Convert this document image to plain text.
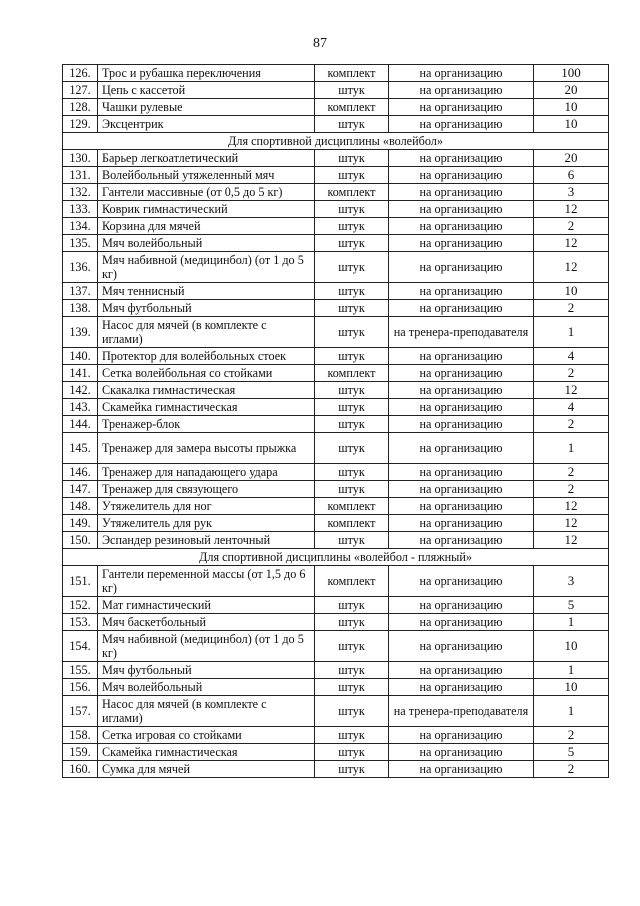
87
126.	Трос и рубашка переключения	комплект	на организацию	100
127.	Цепь с кассетой	штук	на организацию	20
128.	Чашки рулевые	комплект	на организацию	10
129.	Эксцентрик	штук	на организацию	10
Для спортивной дисциплины «волейбол»				
130.	Барьер легкоатлетический	штук	на организацию	20
131.	Волейбольный утяжеленный мяч	штук	на организацию	6
132.	Гантели массивные (от 0,5 до 5 кг)	комплект	на организацию	3
133.	Коврик гимнастический	штук	на организацию	12
134.	Корзина для мячей	штук	на организацию	2
135.	Мяч волейбольный	штук	на организацию	12
136.	Мяч набивной (медицинбол) (от 1 до 5 кг)	штук	на организацию	12
137.	Мяч теннисный	штук	на организацию	10
138.	Мяч футбольный	штук	на организацию	2
139.	Насос для мячей (в комплекте с иглами)	штук	на тренера-преподавателя	1
140.	Протектор для волейбольных стоек	штук	на организацию	4
141.	Сетка волейбольная со стойками	комплект	на организацию	2
142.	Скакалка гимнастическая	штук	на организацию	12
143.	Скамейка гимнастическая	штук	на организацию	4
144.	Тренажер-блок	штук	на организацию	2
145.	Тренажер для замера высоты прыжка	штук	на организацию	1
146.	Тренажер для нападающего удара	штук	на организацию	2
147.	Тренажер для связующего	штук	на организацию	2
148.	Утяжелитель для ног	комплект	на организацию	12
149.	Утяжелитель для рук	комплект	на организацию	12
150.	Эспандер резиновый ленточный	штук	на организацию	12
Для спортивной дисциплины «волейбол - пляжный»				
151.	Гантели переменной массы (от 1,5 до 6 кг)	комплект	на организацию	3
152.	Мат гимнастический	штук	на организацию	5
153.	Мяч баскетбольный	штук	на организацию	1
154.	Мяч набивной (медицинбол) (от 1 до 5 кг)	штук	на организацию	10
155.	Мяч футбольный	штук	на организацию	1
156.	Мяч волейбольный	штук	на организацию	10
157.	Насос для мячей (в комплекте с иглами)	штук	на тренера-преподавателя	1
158.	Сетка игровая со стойками	штук	на организацию	2
159.	Скамейка гимнастическая	штук	на организацию	5
160.	Сумка для мячей	штук	на организацию	2
